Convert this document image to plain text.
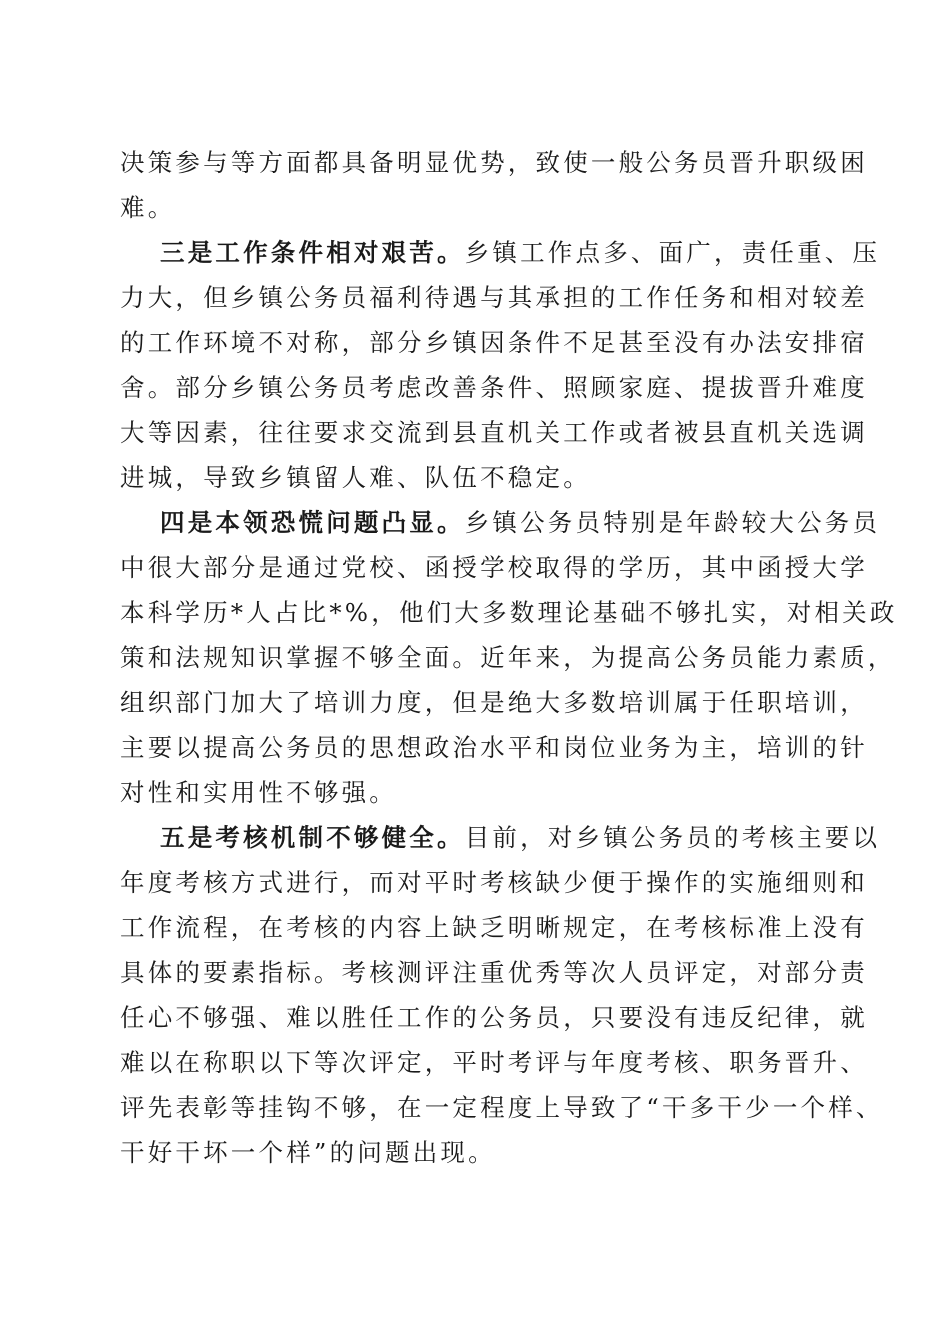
决策参与等方面都具备明显优势，致使一般公务员晋升职级困
难。
三是工作条件相对艰苦。乡镇工作点多、面广，责任重、压
力大，但乡镇公务员福利待遇与其承担的工作任务和相对较差
的工作环境不对称，部分乡镇因条件不足甚至没有办法安排宿
舍。部分乡镇公务员考虑改善条件、照顾家庭、提拔晋升难度
大等因素，往往要求交流到县直机关工作或者被县直机关选调
进城，导致乡镇留人难、队伍不稳定。
四是本领恐慌问题凸显。乡镇公务员特别是年龄较大公务员
中很大部分是通过党校、函授学校取得的学历，其中函授大学
本科学历*人占比*%，他们大多数理论基础不够扎实，对相关政
策和法规知识掌握不够全面。近年来，为提高公务员能力素质，
组织部门加大了培训力度，但是绝大多数培训属于任职培训，
主要以提高公务员的思想政治水平和岗位业务为主，培训的针
对性和实用性不够强。
五是考核机制不够健全。目前，对乡镇公务员的考核主要以
年度考核方式进行，而对平时考核缺少便于操作的实施细则和
工作流程，在考核的内容上缺乏明晰规定，在考核标准上没有
具体的要素指标。考核测评注重优秀等次人员评定，对部分责
任心不够强、难以胜任工作的公务员，只要没有违反纪律，就
难以在称职以下等次评定，平时考评与年度考核、职务晋升、
评先表彰等挂钩不够，在一定程度上导致了“干多干少一个样、
干好干坏一个样”的问题出现。
